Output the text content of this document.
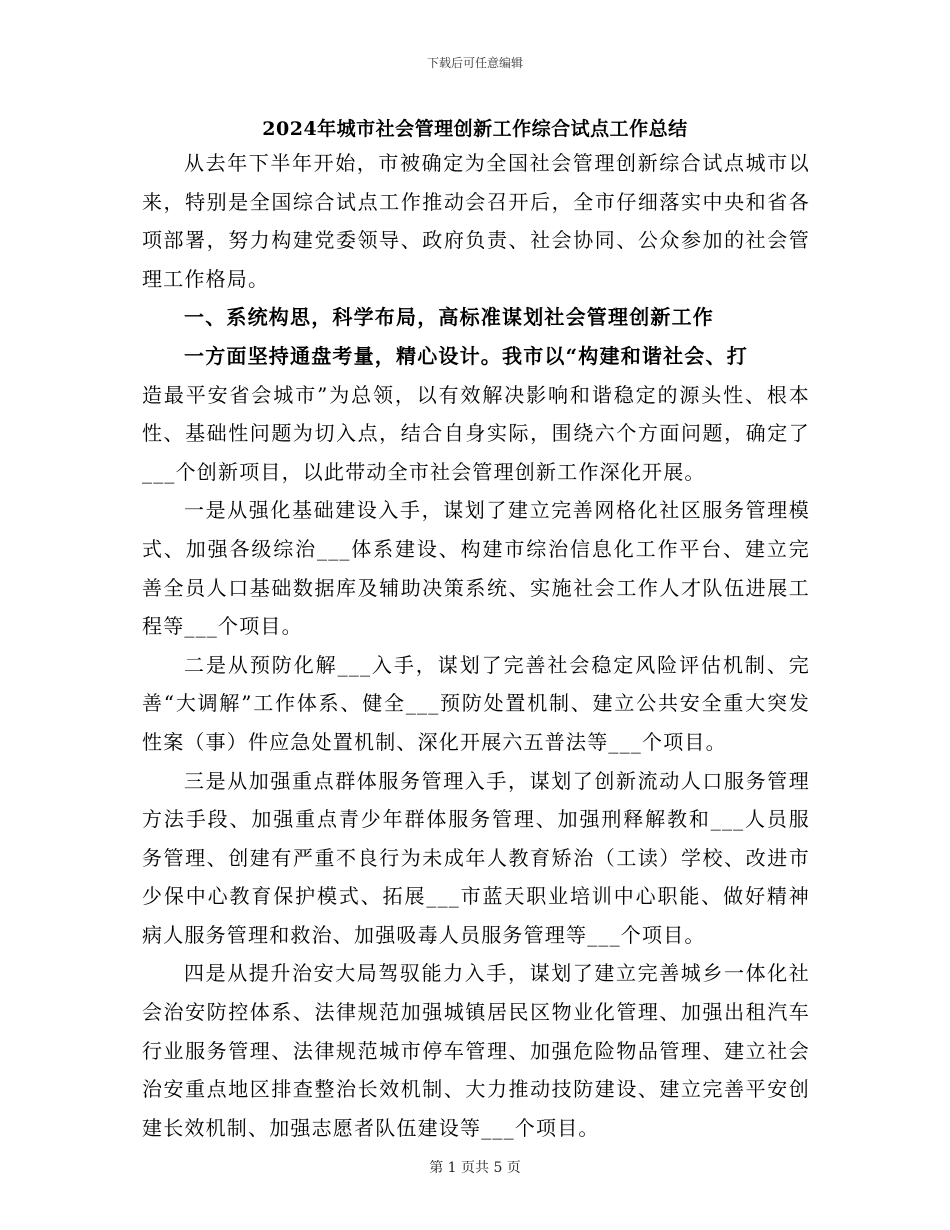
下载后可任意编辑
2024年城市社会管理创新工作综合试点工作总结

从去年下半年开始，市被确定为全国社会管理创新综合试点城市以来，特别是全国综合试点工作推动会召开后，全市仔细落实中央和省各项部署，努力构建党委领导、政府负责、社会协同、公众参加的社会管理工作格局。

一、系统构思，科学布局，高标准谋划社会管理创新工作

一方面坚持通盘考量，精心设计。我市以“构建和谐社会、打

造最平安省会城市”为总领，以有效解决影响和谐稳定的源头性、根本性、基础性问题为切入点，结合自身实际，围绕六个方面问题，确定了___个创新项目，以此带动全市社会管理创新工作深化开展。

一是从强化基础建设入手，谋划了建立完善网格化社区服务管理模式、加强各级综治___体系建设、构建市综治信息化工作平台、建立完善全员人口基础数据库及辅助决策系统、实施社会工作人才队伍进展工程等___个项目。

二是从预防化解___入手，谋划了完善社会稳定风险评估机制、完善“大调解”工作体系、健全___预防处置机制、建立公共安全重大突发性案（事）件应急处置机制、深化开展六五普法等___个项目。

三是从加强重点群体服务管理入手，谋划了创新流动人口服务管理方法手段、加强重点青少年群体服务管理、加强刑释解教和___人员服务管理、创建有严重不良行为未成年人教育矫治（工读）学校、改进市少保中心教育保护模式、拓展___市蓝天职业培训中心职能、做好精神病人服务管理和救治、加强吸毒人员服务管理等___个项目。

四是从提升治安大局驾驭能力入手，谋划了建立完善城乡一体化社会治安防控体系、法律规范加强城镇居民区物业化管理、加强出租汽车行业服务管理、法律规范城市停车管理、加强危险物品管理、建立社会治安重点地区排查整治长效机制、大力推动技防建设、建立完善平安创建长效机制、加强志愿者队伍建设等___个项目。

第 1 页共 5 页
